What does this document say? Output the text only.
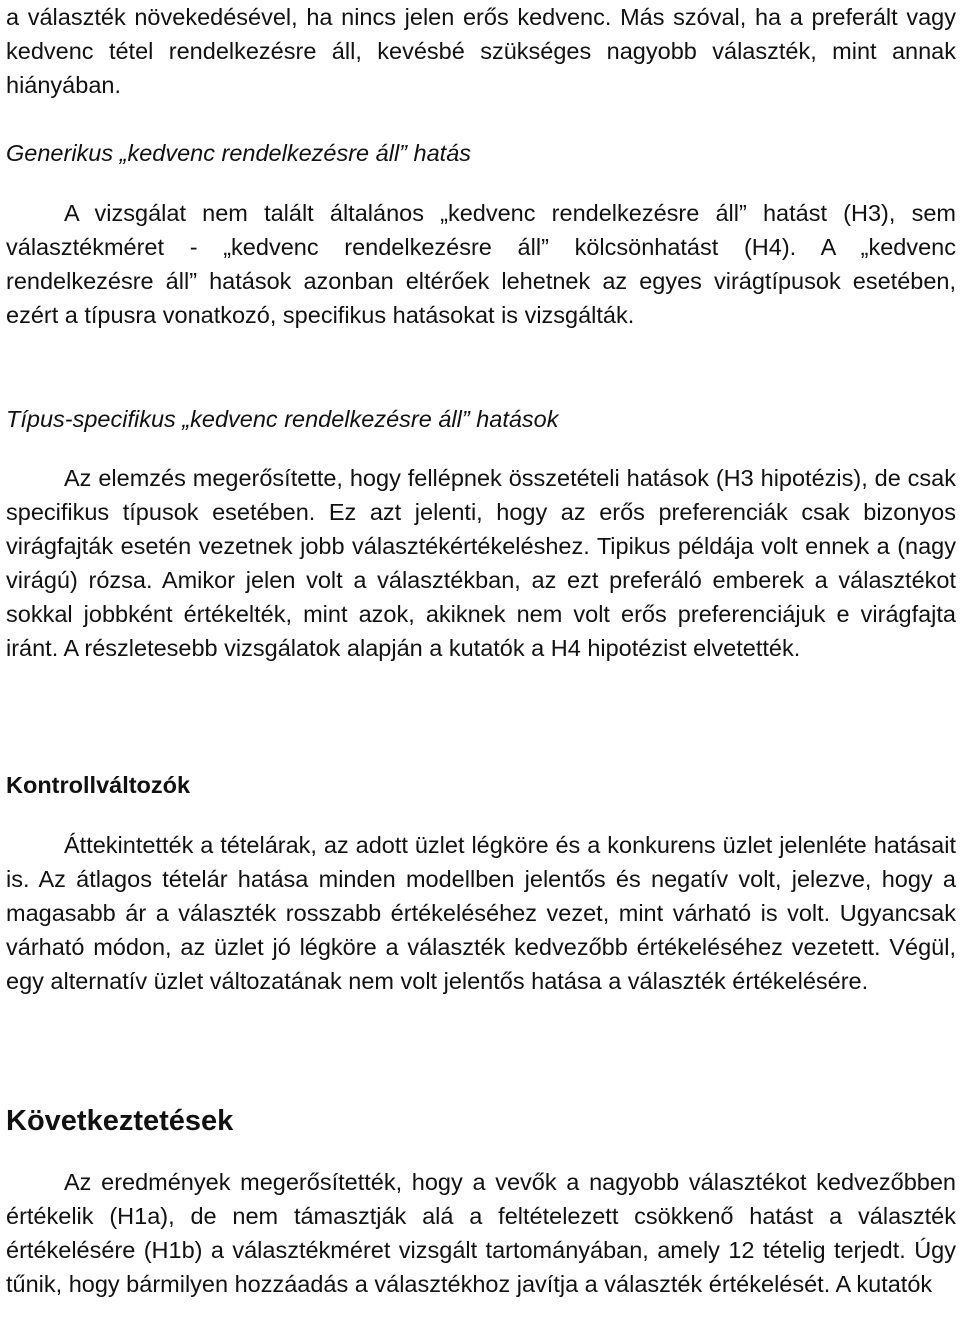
a választék növekedésével, ha nincs jelen erős kedvenc. Más szóval, ha a preferált vagy kedvenc tétel rendelkezésre áll, kevésbé szükséges nagyobb választék, mint annak hiányában.

Generikus „kedvenc rendelkezésre áll” hatás

A vizsgálat nem talált általános „kedvenc rendelkezésre áll” hatást (H3), sem választékméret - „kedvenc rendelkezésre áll” kölcsönhatást (H4). A „kedvenc rendelkezésre áll” hatások azonban eltérőek lehetnek az egyes virágtípusok esetében, ezért a típusra vonatkozó, specifikus hatásokat is vizsgálták.

Típus-specifikus „kedvenc rendelkezésre áll” hatások

Az elemzés megerősítette, hogy fellépnek összetételi hatások (H3 hipotézis), de csak specifikus típusok esetében. Ez azt jelenti, hogy az erős preferenciák csak bizonyos virágfajták esetén vezetnek jobb választékértékeléshez. Tipikus példája volt ennek a (nagy virágú) rózsa. Amikor jelen volt a választékban, az ezt preferáló emberek a választékot sokkal jobbként értékelték, mint azok, akiknek nem volt erős preferenciájuk e virágfajta iránt. A részletesebb vizsgálatok alapján a kutatók a H4 hipotézist elvetették.

Kontrollváltozók

Áttekintették a tételárak, az adott üzlet légköre és a konkurens üzlet jelenléte hatásait is. Az átlagos tételár hatása minden modellben jelentős és negatív volt, jelezve, hogy a magasabb ár a választék rosszabb értékeléséhez vezet, mint várható is volt. Ugyancsak várható módon, az üzlet jó légköre a választék kedvezőbb értékeléséhez vezetett. Végül, egy alternatív üzlet változatának nem volt jelentős hatása a választék értékelésére.

Következtetések

Az eredmények megerősítették, hogy a vevők a nagyobb választékot kedvezőbben értékelik (H1a), de nem támasztják alá a feltételezett csökkenő hatást a választék értékelésére (H1b) a választékméret vizsgált tartományában, amely 12 tételig terjedt. Úgy tűnik, hogy bármilyen hozzáadás a választékhoz javítja a választék értékelését. A kutatók
